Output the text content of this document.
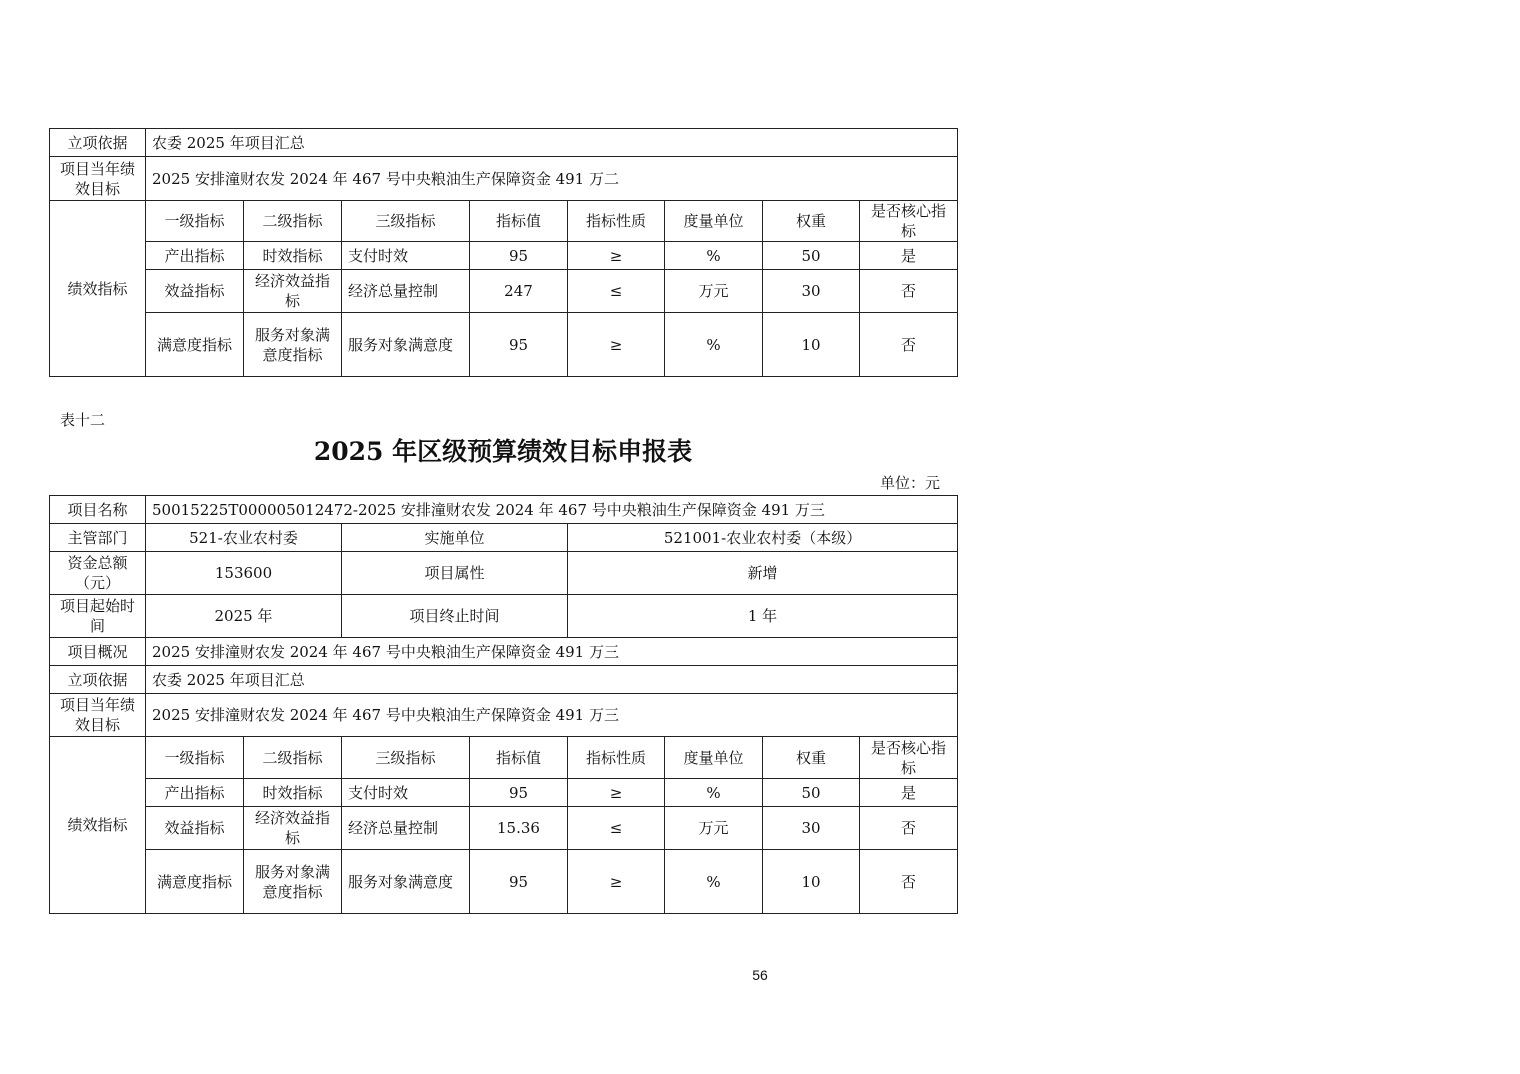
立项依据	农委 2025 年项目汇总							
项目当年绩效目标	2025 安排潼财农发 2024 年 467 号中央粮油生产保障资金 491 万二							
绩效指标	一级指标	二级指标	三级指标	指标值	指标性质	度量单位	权重	是否核心指标
	产出指标	时效指标	支付时效	95	≥	%	50	是
	效益指标	经济效益指标	经济总量控制	247	≤	万元	30	否
	满意度指标	服务对象满意度指标	服务对象满意度	95	≥	%	10	否
表十二
2025 年区级预算绩效目标申报表
单位：元
项目名称	50015225T000005012472-2025 安排潼财农发 2024 年 467 号中央粮油生产保障资金 491 万三							
主管部门	521-农业农村委		实施单位		521001-农业农村委（本级）			
资金总额（元）	153600		项目属性		新增			
项目起始时间	2025 年		项目终止时间		1 年			
项目概况	2025 安排潼财农发 2024 年 467 号中央粮油生产保障资金 491 万三							
立项依据	农委 2025 年项目汇总							
项目当年绩效目标	2025 安排潼财农发 2024 年 467 号中央粮油生产保障资金 491 万三							
绩效指标	一级指标	二级指标	三级指标	指标值	指标性质	度量单位	权重	是否核心指标
	产出指标	时效指标	支付时效	95	≥	%	50	是
	效益指标	经济效益指标	经济总量控制	15.36	≤	万元	30	否
	满意度指标	服务对象满意度指标	服务对象满意度	95	≥	%	10	否
56
